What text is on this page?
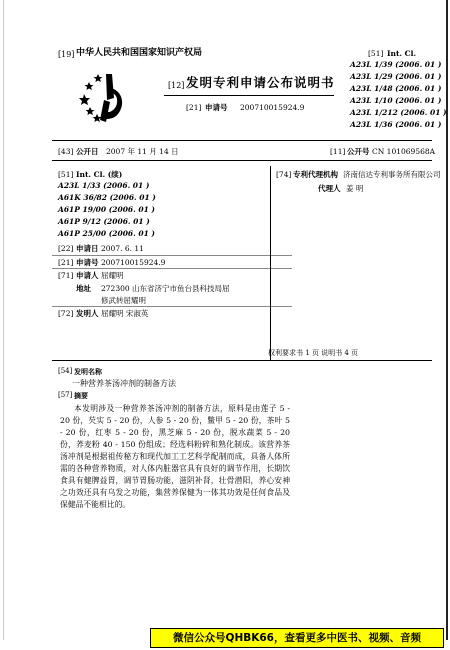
[19] 中华人民共和国国家知识产权局
[12] 发明专利申请公布说明书
[21] 申请号 200710015924.9
[51] Int. Cl.
A23L 1/39 (2006. 01 )
A23L 1/29 (2006. 01 )
A23L 1/48 (2006. 01 )
A23L 1/10 (2006. 01 )
A23L 1/212 (2006. 01 )
A23L 1/36 (2006. 01 )
[43] 公开日 2007 年 11 月 14 日	[11] 公开号 CN 101069568A
[51] Int. Cl. (续)
A23L 1/33 (2006. 01 )
A61K 36/82 (2006. 01 )
A61P 19/00 (2006. 01 )
A61P 9/12 (2006. 01 )
A61P 25/00 (2006. 01 )
[22] 申请日 2007. 6. 11
[21] 申请号 200710015924.9
[71] 申请人 屈耀明
地址 272300 山东省济宁市鱼台县科技局屈
修武转屈耀明
[72] 发明人 屈耀明 宋淑英
[74] 专利代理机构 济南信达专利事务所有限公司
代理人 姜 明
权利要求书 1 页 说明书 4 页
[54] 发明名称
一种营养茶汤冲剂的制备方法
[57] 摘要

本发明涉及一种营养茶汤冲剂的制备方法，原料是由莲子 5 - 20 份，芡实 5 - 20 份，人参 5 - 20 份，鳖甲 5 - 20 份，茶叶 5 - 20 份，红枣 5 - 20 份，黑芝麻 5 - 20 份，脱水蔬菜 5 - 20 份，荞麦粉 40 - 150 份组成；经选料粉碎和熟化制成。该营养茶汤冲剂是根据祖传秘方和现代加工工艺科学配制而成，具备人体所需的各种营养物质，对人体内脏器官具有良好的调节作用，长期饮食具有健脾益胃，调节胃肠功能，滋阴补肾，壮骨潜阳，养心安神之功效还具有乌发之功能，集营养保健为一体其功效是任何食品及保健品不能相比的。

微信公众号QHBK66，查看更多中医书、视频、音频
